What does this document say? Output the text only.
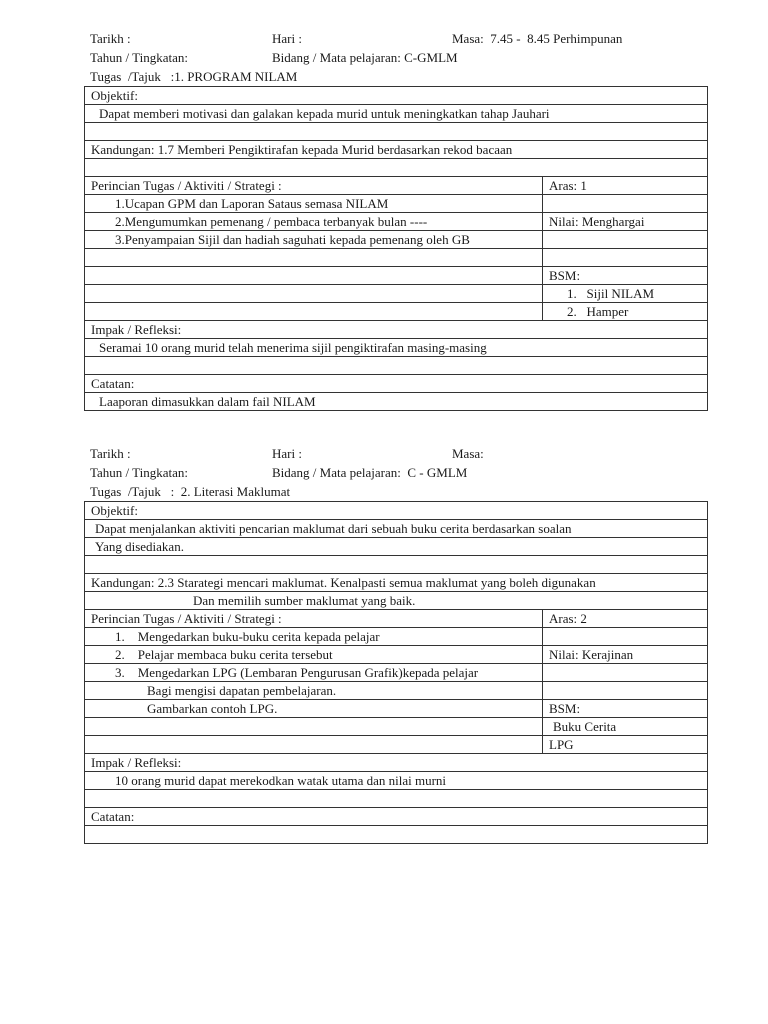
Tarikh :	Hari :	Masa:  7.45 -  8.45 Perhimpunan
Tahun / Tingkatan:	Bidang / Mata pelajaran: C-GMLM
Tugas  /Tajuk   :1. PROGRAM NILAM
Objektif:	
Dapat memberi motivasi dan galakan kepada murid untuk meningkatkan tahap Jauhari	

Kandungan: 1.7 Memberi Pengiktirafan kepada Murid berdasarkan rekod bacaan	

Perincian Tugas / Aktiviti / Strategi :	Aras: 1
1.Ucapan GPM dan Laporan Sataus semasa NILAM	
2.Mengumumkan pemenang / pembaca terbanyak bulan ----	Nilai: Menghargai
3.Penyampaian Sijil dan hadiah saguhati kepada pemenang oleh GB	

	BSM:
	1.   Sijil NILAM
	2.   Hamper
Impak / Refleksi:	
Seramai 10 orang murid telah menerima sijil pengiktirafan masing-masing	

Catatan:	
Laaporan dimasukkan dalam fail NILAM	
Tarikh :	Hari :	Masa:
Tahun / Tingkatan:	Bidang / Mata pelajaran:  C - GMLM
Tugas  /Tajuk   :  2. Literasi Maklumat
Objektif:	
Dapat menjalankan aktiviti pencarian maklumat dari sebuah buku cerita berdasarkan soalan	
Yang disediakan.	

Kandungan: 2.3 Starategi mencari maklumat. Kenalpasti semua maklumat yang boleh digunakan	
Dan memilih sumber maklumat yang baik.	
Perincian Tugas / Aktiviti / Strategi :	Aras: 2
1.    Mengedarkan buku-buku cerita kepada pelajar	
2.    Pelajar membaca buku cerita tersebut	Nilai: Kerajinan
3.    Mengedarkan LPG (Lembaran Pengurusan Grafik)kepada pelajar	
Bagi mengisi dapatan pembelajaran.	
Gambarkan contoh LPG.	BSM:
	Buku Cerita
	LPG
Impak / Refleksi:	
10 orang murid dapat merekodkan watak utama dan nilai murni	

Catatan:	
